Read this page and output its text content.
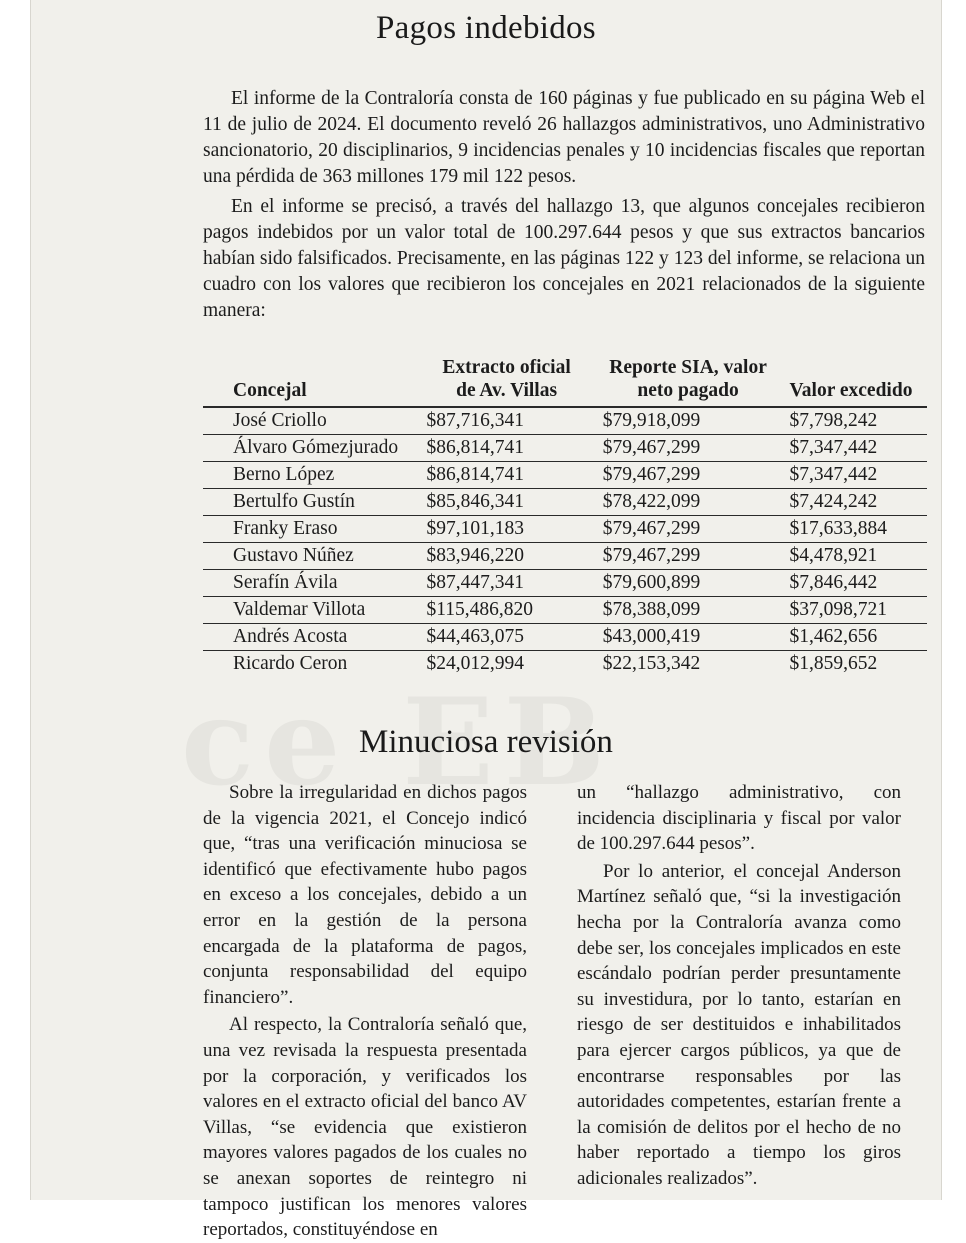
Pagos indebidos

El informe de la Contraloría consta de 160 páginas y fue publicado en su página Web el 11 de julio de 2024. El documento reveló 26 hallazgos administrativos, uno Administrativo sancionatorio, 20 disciplinarios, 9 incidencias penales y 10 incidencias fiscales que reportan una pérdida de 363 millones 179 mil 122 pesos.

En el informe se precisó, a través del hallazgo 13, que algunos concejales recibieron pagos indebidos por un valor total de 100.297.644 pesos y que sus extractos bancarios habían sido falsificados. Precisamente, en las páginas 122 y 123 del informe, se relaciona un cuadro con los valores que recibieron los concejales en 2021 relacionados de la siguiente manera:

Concejal	Extracto oficial de Av. Villas	Reporte SIA, valor neto pagado	Valor excedido
José Criollo	$87,716,341	$79,918,099	$7,798,242
Álvaro Gómezjurado	$86,814,741	$79,467,299	$7,347,442
Berno López	$86,814,741	$79,467,299	$7,347,442
Bertulfo Gustín	$85,846,341	$78,422,099	$7,424,242
Franky Eraso	$97,101,183	$79,467,299	$17,633,884
Gustavo Núñez	$83,946,220	$79,467,299	$4,478,921
Serafín Ávila	$87,447,341	$79,600,899	$7,846,442
Valdemar Villota	$115,486,820	$78,388,099	$37,098,721
Andrés Acosta	$44,463,075	$43,000,419	$1,462,656
Ricardo Ceron	$24,012,994	$22,153,342	$1,859,652
Minuciosa revisión

Sobre la irregularidad en dichos pagos de la vigencia 2021, el Concejo indicó que, “tras una verificación minuciosa se identificó que efectivamente hubo pagos en exceso a los concejales, debido a un error en la gestión de la persona encargada de la plataforma de pagos, conjunta responsabilidad del equipo financiero”.

Al respecto, la Contraloría señaló que, una vez revisada la respuesta presentada por la corporación, y verificados los valores en el extracto oficial del banco AV Villas, “se evidencia que existieron mayores valores pagados de los cuales no se anexan soportes de reintegro ni tampoco justifican los menores valores reportados, constituyéndose en

un “hallazgo administrativo, con incidencia disciplinaria y fiscal por valor de 100.297.644 pesos”.

Por lo anterior, el concejal Anderson Martínez señaló que, “si la investigación hecha por la Contraloría avanza como debe ser, los concejales implicados en este escándalo podrían perder presuntamente su investidura, por lo tanto, estarían en riesgo de ser destituidos e inhabilitados para ejercer cargos públicos, ya que de encontrarse responsables por las autoridades competentes, estarían frente a la comisión de delitos por el hecho de no haber reportado a tiempo los giros adicionales realizados”.
